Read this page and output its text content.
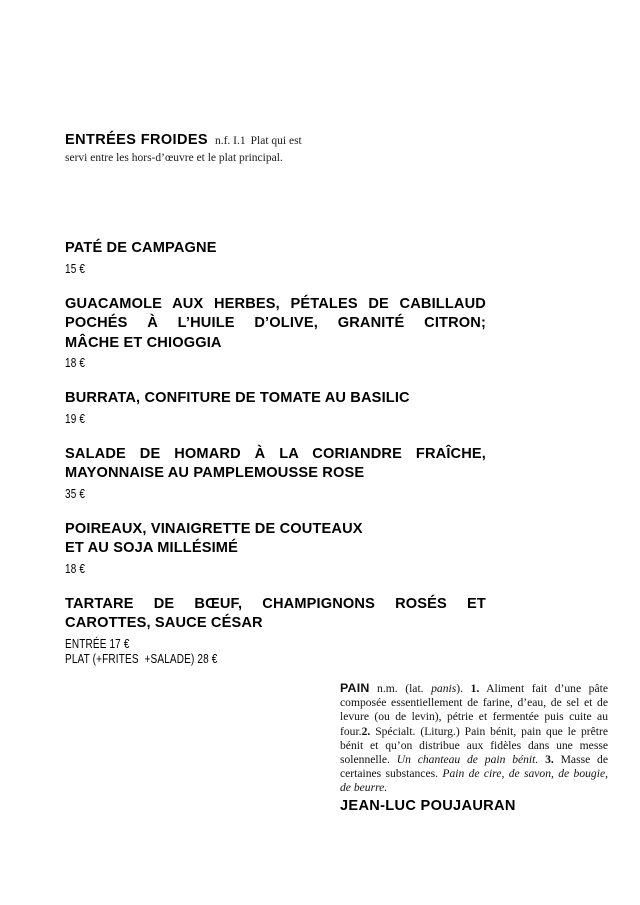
ENTRÉES FROIDES n.f. I.1 Plat qui est
servi entre les hors-d’œuvre et le plat principal.
PATÉ DE CAMPAGNE
15 €
GUACAMOLE AUX HERBES, PÉTALES DE CABILLAUD
POCHÉS À L’HUILE D’OLIVE, GRANITÉ CITRON;
MÂCHE ET CHIOGGIA
18 €
BURRATA, CONFITURE DE TOMATE AU BASILIC
19 €
SALADE DE HOMARD À LA CORIANDRE FRAÎCHE,
MAYONNAISE AU PAMPLEMOUSSE ROSE
35 €
POIREAUX, VINAIGRETTE DE COUTEAUX
ET AU SOJA MILLÉSIMÉ
18 €
TARTARE DE BŒUF, CHAMPIGNONS ROSÉS ET
CAROTTES, SAUCE CÉSAR
ENTRÉE 17 €
PLAT (+FRITES  +SALADE) 28 €

PAIN n.m. (lat. panis). 1. Aliment fait d’une pâte composée essentiellement de farine, d’eau, de sel et de levure (ou de levin), pétrie et fermentée puis cuite au four.2. Spécialt. (Liturg.) Pain bénit, pain que le prêtre bénit et qu’on distribue aux fidèles dans une messe solennelle. Un chanteau de pain bénit. 3. Masse de certaines substances. Pain de cire, de savon, de bougie, de beurre.

JEAN-LUC POUJAURAN
